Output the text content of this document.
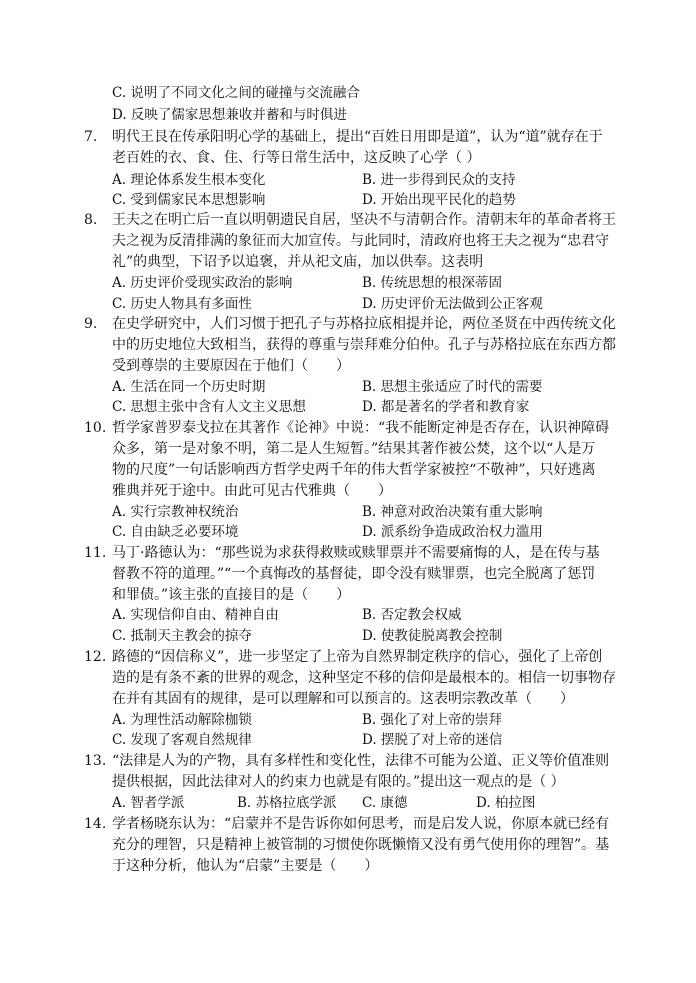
C. 说明了不同文化之间的碰撞与交流融合
D. 反映了儒家思想兼收并蓄和与时俱进
7. 明代王艮在传承阳明心学的基础上，提出“百姓日用即是道”，认为“道”就存在于
老百姓的衣、食、住、行等日常生活中，这反映了心学（ ）
A. 理论体系发生根本变化	B. 进一步得到民众的支持
C. 受到儒家民本思想影响	D. 开始出现平民化的趋势
8. 王夫之在明亡后一直以明朝遗民自居，坚决不与清朝合作。清朝末年的革命者将王
夫之视为反清排满的象征而大加宣传。与此同时，清政府也将王夫之视为“忠君守
礼”的典型，下诏予以追褒，并从祀文庙，加以供奉。这表明
A. 历史评价受现实政治的影响	B. 传统思想的根深蒂固
C. 历史人物具有多面性	D. 历史评价无法做到公正客观
9. 在史学研究中，人们习惯于把孔子与苏格拉底相提并论，两位圣贤在中西传统文化
中的历史地位大致相当，获得的尊重与崇拜难分伯仲。孔子与苏格拉底在东西方都
受到尊崇的主要原因在于他们（　　）
A. 生活在同一个历史时期	B. 思想主张适应了时代的需要
C. 思想主张中含有人文主义思想	D. 都是著名的学者和教育家
10. 哲学家普罗泰戈拉在其著作《论神》中说：“我不能断定神是否存在，认识神障碍
众多，第一是对象不明，第二是人生短暂。”结果其著作被公焚，这个以“人是万
物的尺度”一句话影响西方哲学史两千年的伟大哲学家被控“不敬神”，只好逃离
雅典并死于途中。由此可见古代雅典（　　）
A. 实行宗教神权统治	B. 神意对政治决策有重大影响
C. 自由缺乏必要环境	D. 派系纷争造成政治权力滥用
11. 马丁·路德认为：“那些说为求获得救赎或赎罪票并不需要痛悔的人，是在传与基
督教不符的道理。”“一个真悔改的基督徒，即令没有赎罪票，也完全脱离了惩罚
和罪债。”该主张的直接目的是（　　）
A. 实现信仰自由、精神自由	B. 否定教会权威
C. 抵制天主教会的掠夺	D. 使教徒脱离教会控制
12. 路德的“因信称义”，进一步坚定了上帝为自然界制定秩序的信心，强化了上帝创
造的是有条不紊的世界的观念，这种坚定不移的信仰是最根本的。相信一切事物存
在并有其固有的规律，是可以理解和可以预言的。这表明宗教改革（　　）
A. 为理性活动解除枷锁	B. 强化了对上帝的崇拜
C. 发现了客观自然规律	D. 摆脱了对上帝的迷信
13. “法律是人为的产物，具有多样性和变化性，法律不可能为公道、正义等价值准则
提供根据，因此法律对人的约束力也就是有限的。”提出这一观点的是（ ）
A. 智者学派	B. 苏格拉底学派 C. 康德	D. 柏拉图
14. 学者杨晓东认为：“启蒙并不是告诉你如何思考，而是启发人说，你原本就已经有
充分的理智，只是精神上被管制的习惯使你既懒惰又没有勇气使用你的理智”。基
于这种分析，他认为“启蒙”主要是（　　）
